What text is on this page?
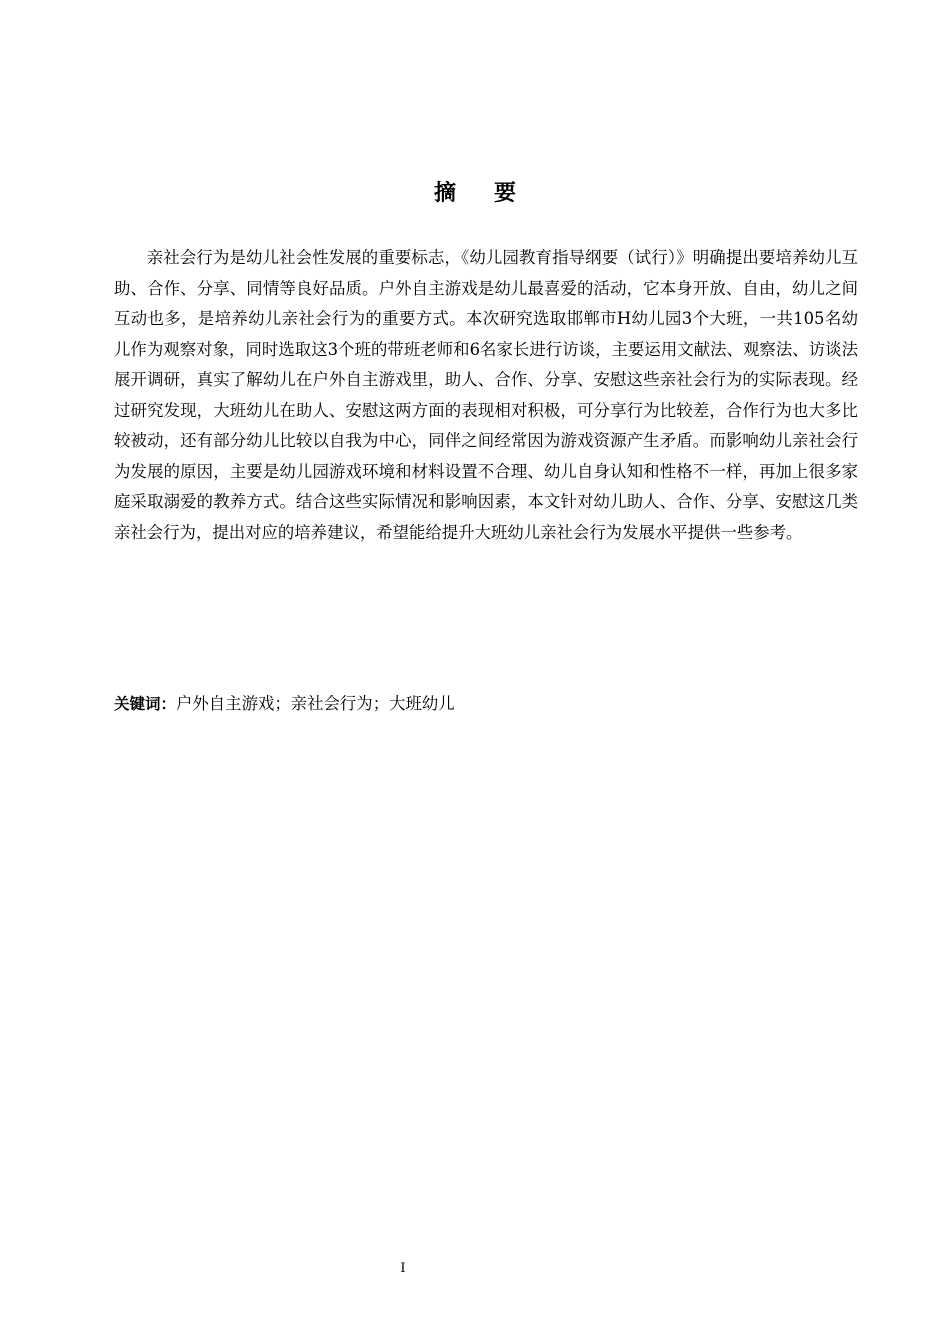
摘 要

亲社会行为是幼儿社会性发展的重要标志，《幼儿园教育指导纲要（试行）》明确提出要培养幼儿互助、合作、分享、同情等良好品质。户外自主游戏是幼儿最喜爱的活动，它本身开放、自由，幼儿之间互动也多，是培养幼儿亲社会行为的重要方式。本次研究选取邯郸市H幼儿园3个大班，一共105名幼儿作为观察对象，同时选取这3个班的带班老师和6名家长进行访谈，主要运用文献法、观察法、访谈法展开调研，真实了解幼儿在户外自主游戏里，助人、合作、分享、安慰这些亲社会行为的实际表现。经过研究发现，大班幼儿在助人、安慰这两方面的表现相对积极，可分享行为比较差，合作行为也大多比较被动，还有部分幼儿比较以自我为中心，同伴之间经常因为游戏资源产生矛盾。而影响幼儿亲社会行为发展的原因，主要是幼儿园游戏环境和材料设置不合理、幼儿自身认知和性格不一样，再加上很多家庭采取溺爱的教养方式。结合这些实际情况和影响因素，本文针对幼儿助人、合作、分享、安慰这几类亲社会行为，提出对应的培养建议，希望能给提升大班幼儿亲社会行为发展水平提供一些参考。

关键词：户外自主游戏；亲社会行为；大班幼儿

I
